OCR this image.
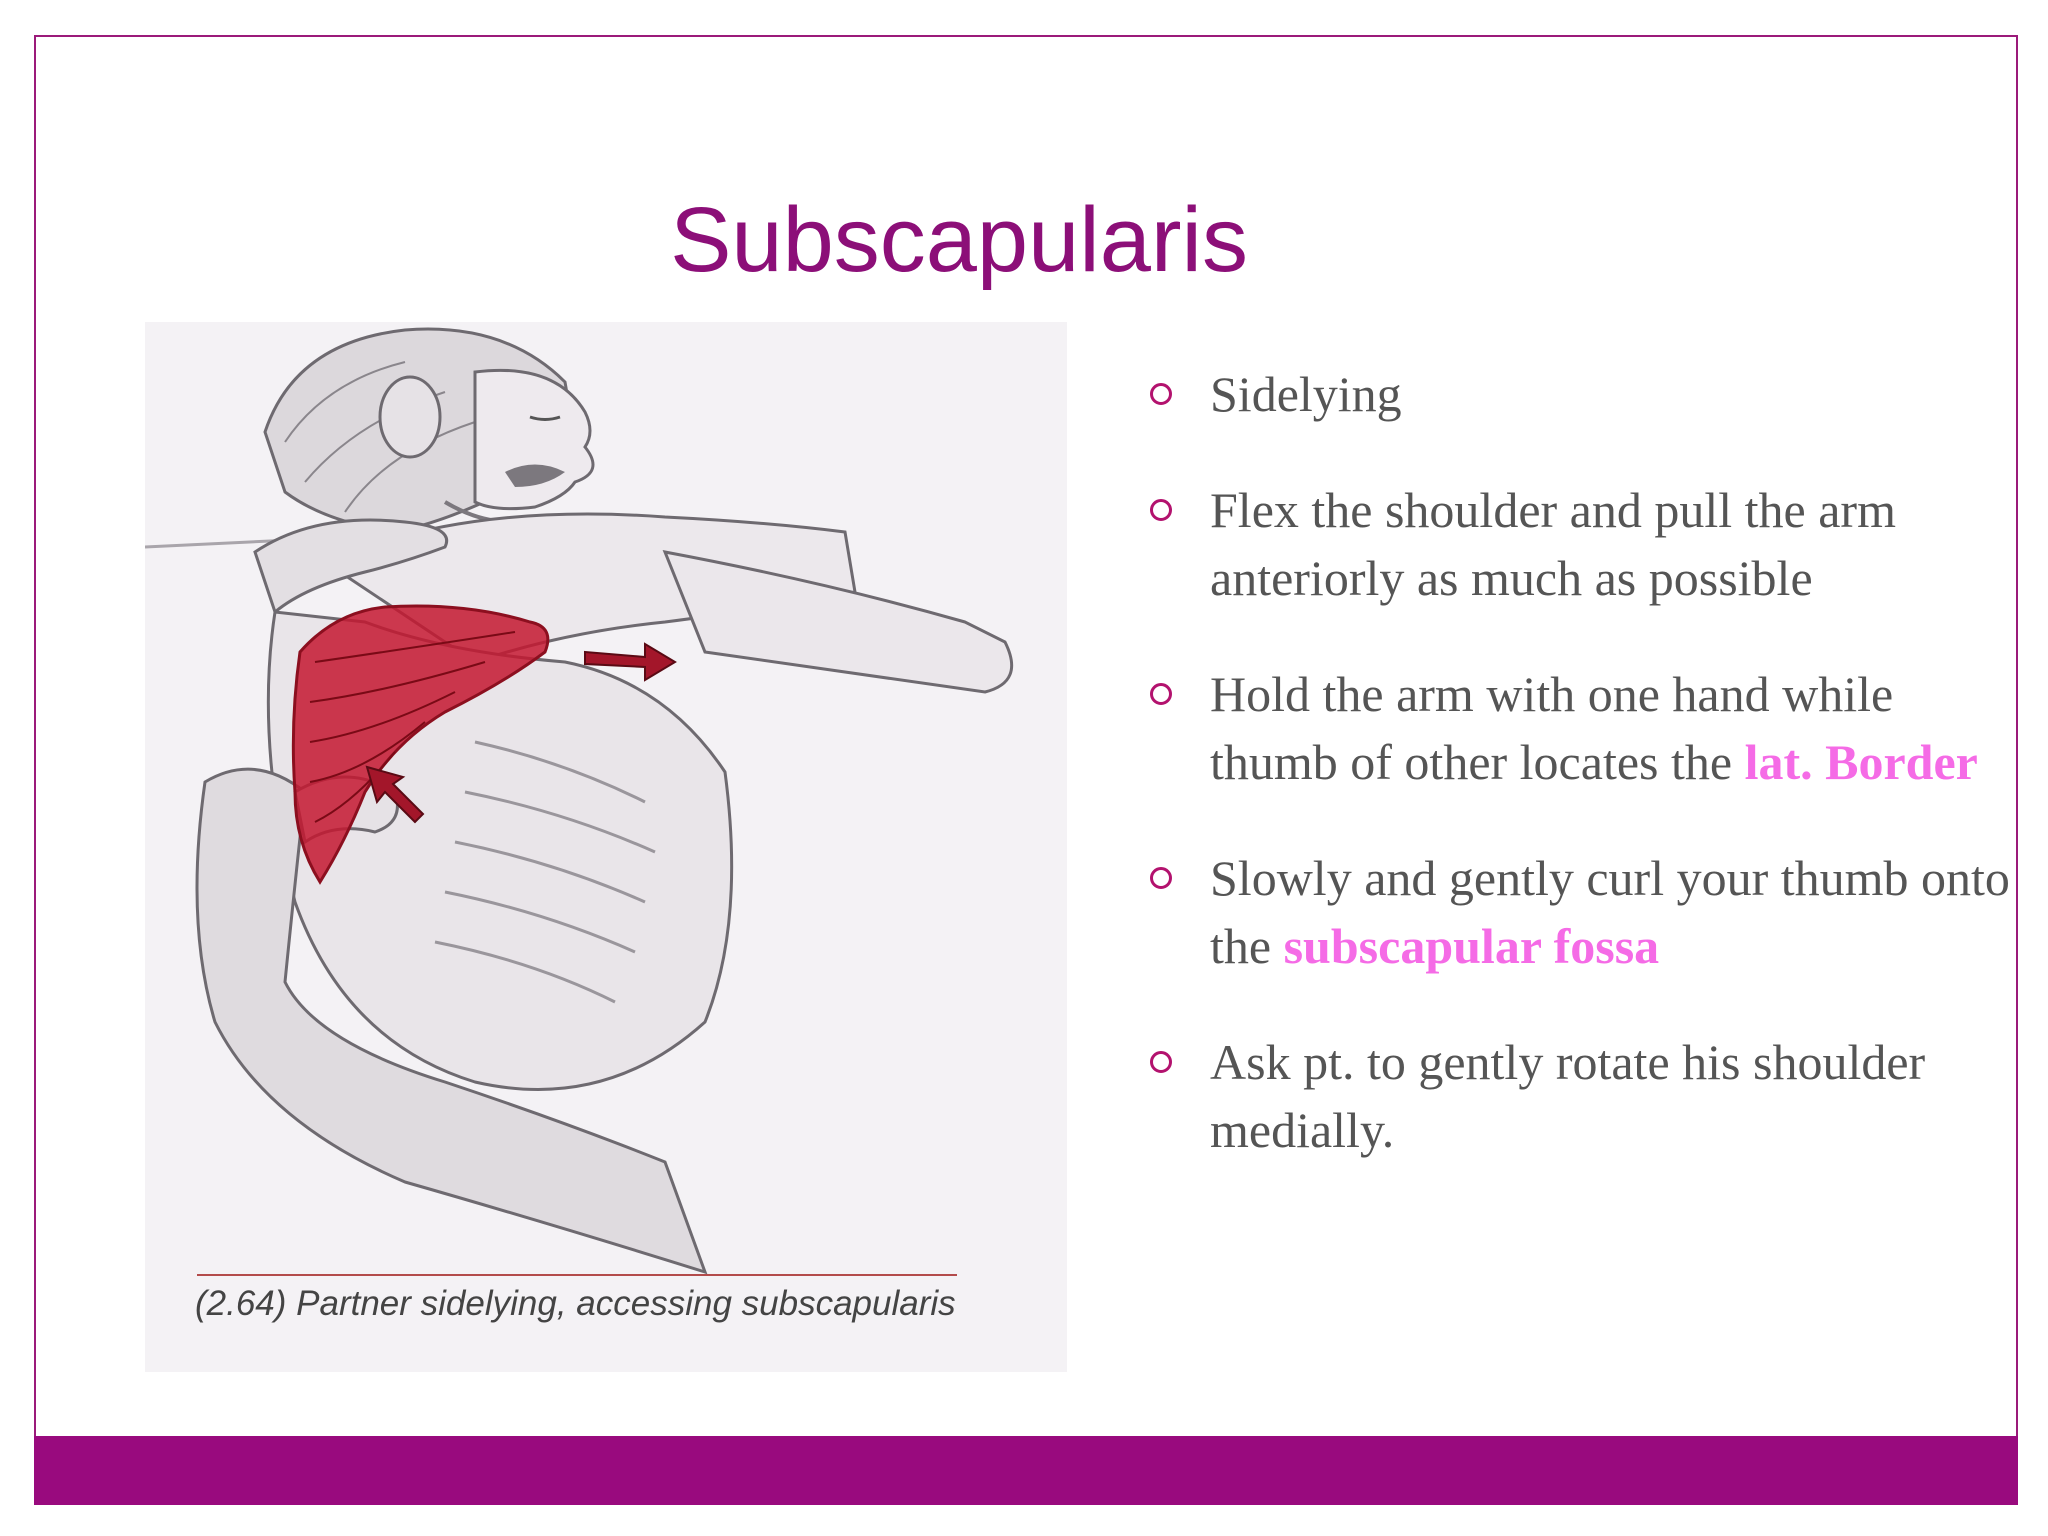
Subscapularis
(2.64) Partner sidelying, accessing subscapularis
Sidelying
Flex the shoulder and pull the arm anteriorly as much as possible
Hold the arm with one hand while thumb of other locates the lat. Border
Slowly and gently curl your thumb onto the subscapular fossa
Ask pt. to gently rotate his shoulder medially.
